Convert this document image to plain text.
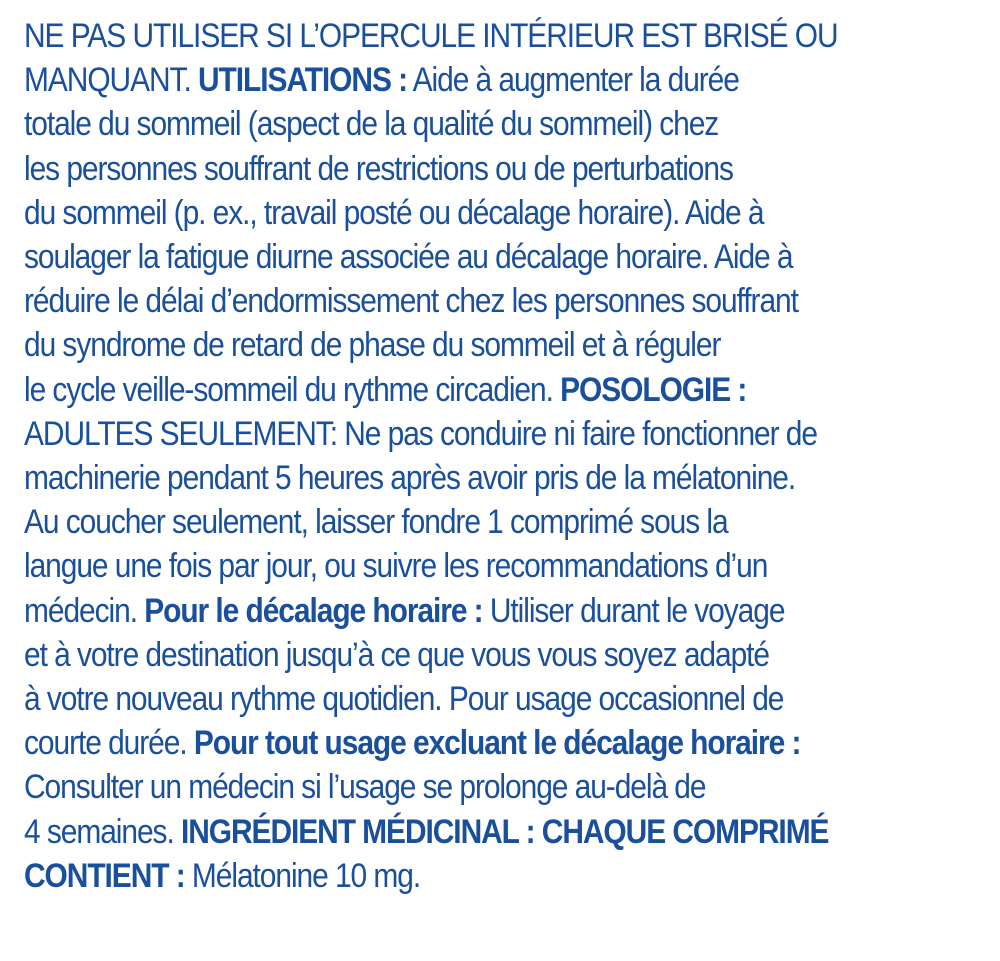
NE PAS UTILISER SI L’OPERCULE INTÉRIEUR EST BRISÉ OU
MANQUANT. UTILISATIONS : Aide à augmenter la durée
totale du sommeil (aspect de la qualité du sommeil) chez
les personnes souffrant de restrictions ou de perturbations
du sommeil (p. ex., travail posté ou décalage horaire). Aide à
soulager la fatigue diurne associée au décalage horaire. Aide à
réduire le délai d’endormissement chez les personnes souffrant
du syndrome de retard de phase du sommeil et à réguler
le cycle veille-sommeil du rythme circadien. POSOLOGIE :
ADULTES SEULEMENT: Ne pas conduire ni faire fonctionner de
machinerie pendant 5 heures après avoir pris de la mélatonine.
Au coucher seulement, laisser fondre 1 comprimé sous la
langue une fois par jour, ou suivre les recommandations d’un
médecin. Pour le décalage horaire : Utiliser durant le voyage
et à votre destination jusqu’à ce que vous vous soyez adapté
à votre nouveau rythme quotidien. Pour usage occasionnel de
courte durée. Pour tout usage excluant le décalage horaire :
Consulter un médecin si l’usage se prolonge au-delà de
4 semaines. INGRÉDIENT MÉDICINAL : CHAQUE COMPRIMÉ
CONTIENT : Mélatonine 10 mg.
